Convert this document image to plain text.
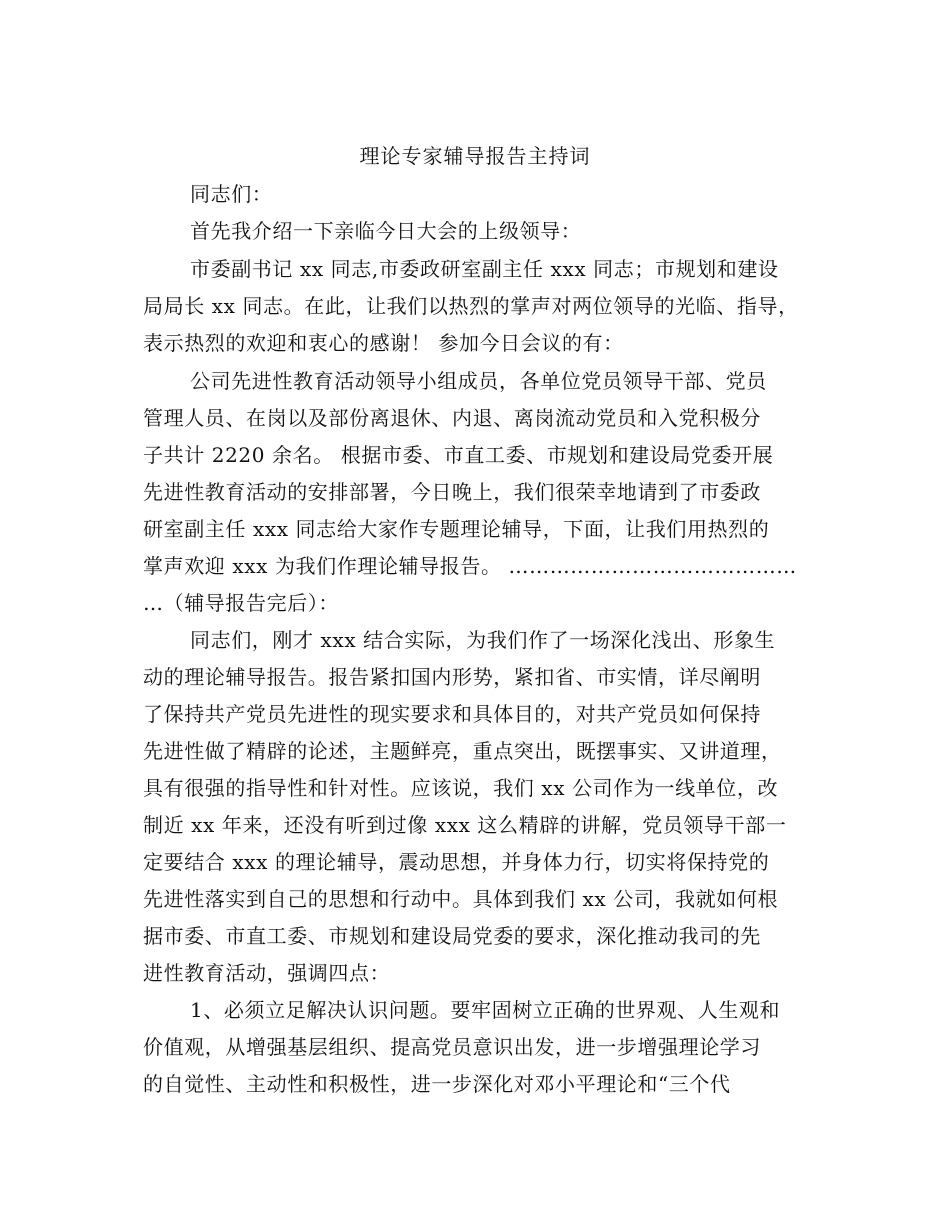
理论专家辅导报告主持词
同志们：
首先我介绍一下亲临今日大会的上级领导：
市委副书记 xx 同志,市委政研室副主任 xxx 同志；市规划和建设
局局长 xx 同志。在此，让我们以热烈的掌声对两位领导的光临、指导，
表示热烈的欢迎和衷心的感谢！ 参加今日会议的有：
公司先进性教育活动领导小组成员，各单位党员领导干部、党员
管理人员、在岗以及部份离退休、内退、离岗流动党员和入党积极分
子共计 2220 余名。 根据市委、市直工委、市规划和建设局党委开展
先进性教育活动的安排部署，今日晚上，我们很荣幸地请到了市委政
研室副主任 xxx 同志给大家作专题理论辅导，下面，让我们用热烈的
掌声欢迎 xxx 为我们作理论辅导报告。 ……………………………………
…（辅导报告完后）：
同志们，刚才 xxx 结合实际，为我们作了一场深化浅出、形象生
动的理论辅导报告。报告紧扣国内形势，紧扣省、市实情，详尽阐明
了保持共产党员先进性的现实要求和具体目的，对共产党员如何保持
先进性做了精辟的论述，主题鲜亮，重点突出，既摆事实、又讲道理，
具有很强的指导性和针对性。应该说，我们 xx 公司作为一线单位，改
制近 xx 年来，还没有听到过像 xxx 这么精辟的讲解，党员领导干部一
定要结合 xxx 的理论辅导，震动思想，并身体力行，切实将保持党的
先进性落实到自己的思想和行动中。具体到我们 xx 公司，我就如何根
据市委、市直工委、市规划和建设局党委的要求，深化推动我司的先
进性教育活动，强调四点：
1、必须立足解决认识问题。要牢固树立正确的世界观、人生观和
价值观，从增强基层组织、提高党员意识出发，进一步增强理论学习
的自觉性、主动性和积极性，进一步深化对邓小平理论和“三个代
